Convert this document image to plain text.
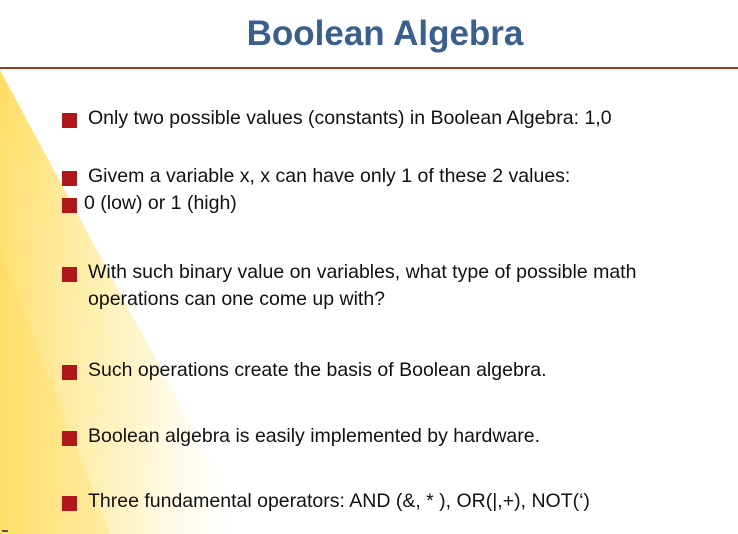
Boolean Algebra
Only two possible values (constants) in Boolean Algebra: 1,0
Givem a variable x, x can have only 1 of these 2 values:
0 (low) or 1 (high)
With such binary value on variables, what type of possible math operations can one come up with?
Such operations create the basis of Boolean algebra.
Boolean algebra is easily implemented by hardware.
Three fundamental operators: AND (&, * ), OR(|,+), NOT(‘)
